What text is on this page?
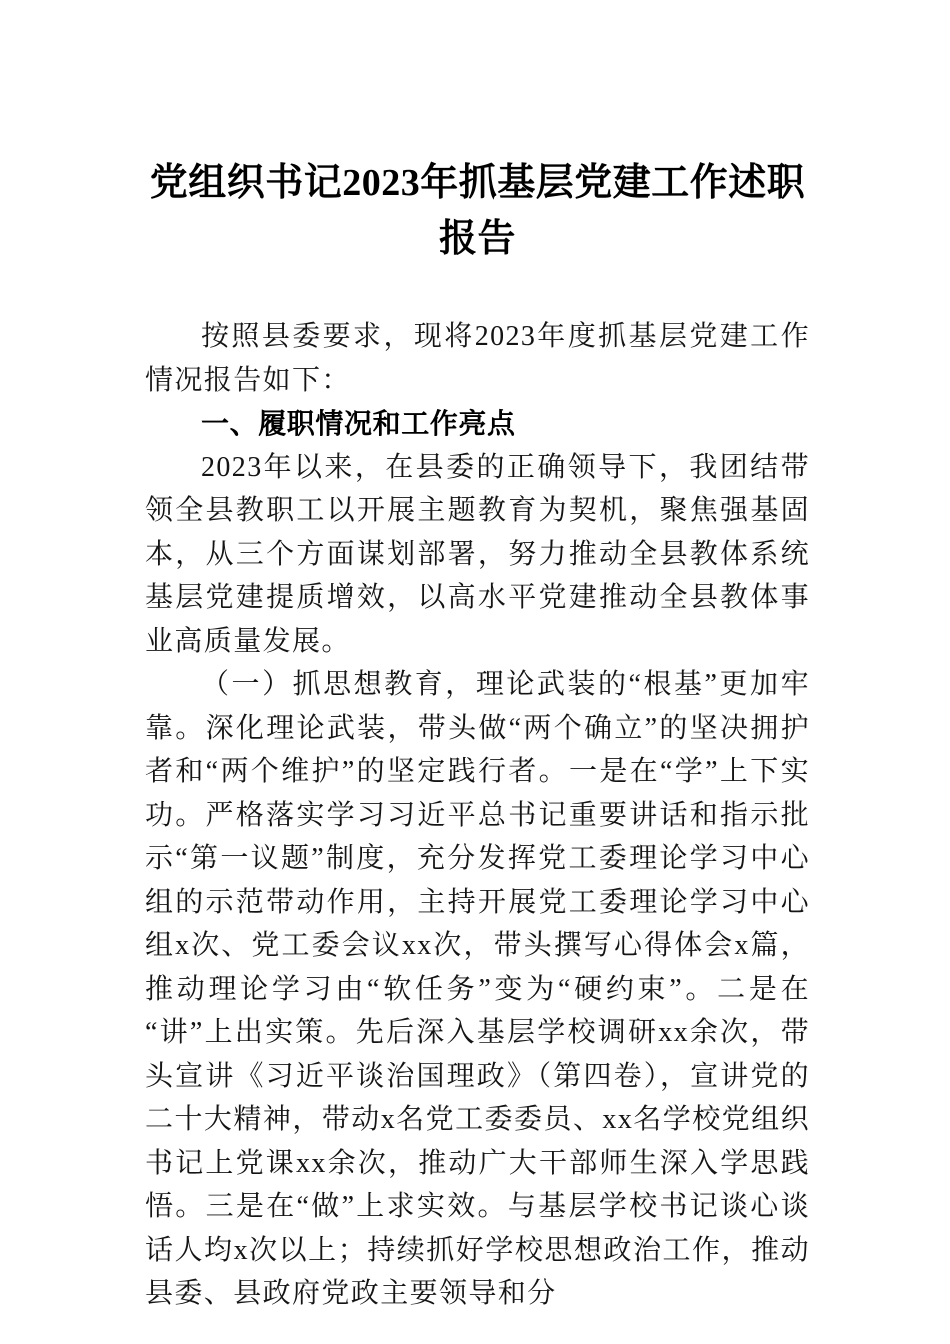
党组织书记2023年抓基层党建工作述职报告

按照县委要求，现将2023年度抓基层党建工作情况报告如下：

一、履职情况和工作亮点

2023年以来，在县委的正确领导下，我团结带领全县教职工以开展主题教育为契机，聚焦强基固本，从三个方面谋划部署，努力推动全县教体系统基层党建提质增效，以高水平党建推动全县教体事业高质量发展。

（一）抓思想教育，理论武装的“根基”更加牢靠。深化理论武装，带头做“两个确立”的坚决拥护者和“两个维护”的坚定践行者。一是在“学”上下实功。严格落实学习习近平总书记重要讲话和指示批示“第一议题”制度，充分发挥党工委理论学习中心组的示范带动作用，主持开展党工委理论学习中心组x次、党工委会议xx次，带头撰写心得体会x篇，推动理论学习由“软任务”变为“硬约束”。二是在“讲”上出实策。先后深入基层学校调研xx余次，带头宣讲《习近平谈治国理政》（第四卷），宣讲党的二十大精神，带动x名党工委委员、xx名学校党组织书记上党课xx余次，推动广大干部师生深入学思践悟。三是在“做”上求实效。与基层学校书记谈心谈话人均x次以上；持续抓好学校思想政治工作，推动县委、县政府党政主要领导和分
